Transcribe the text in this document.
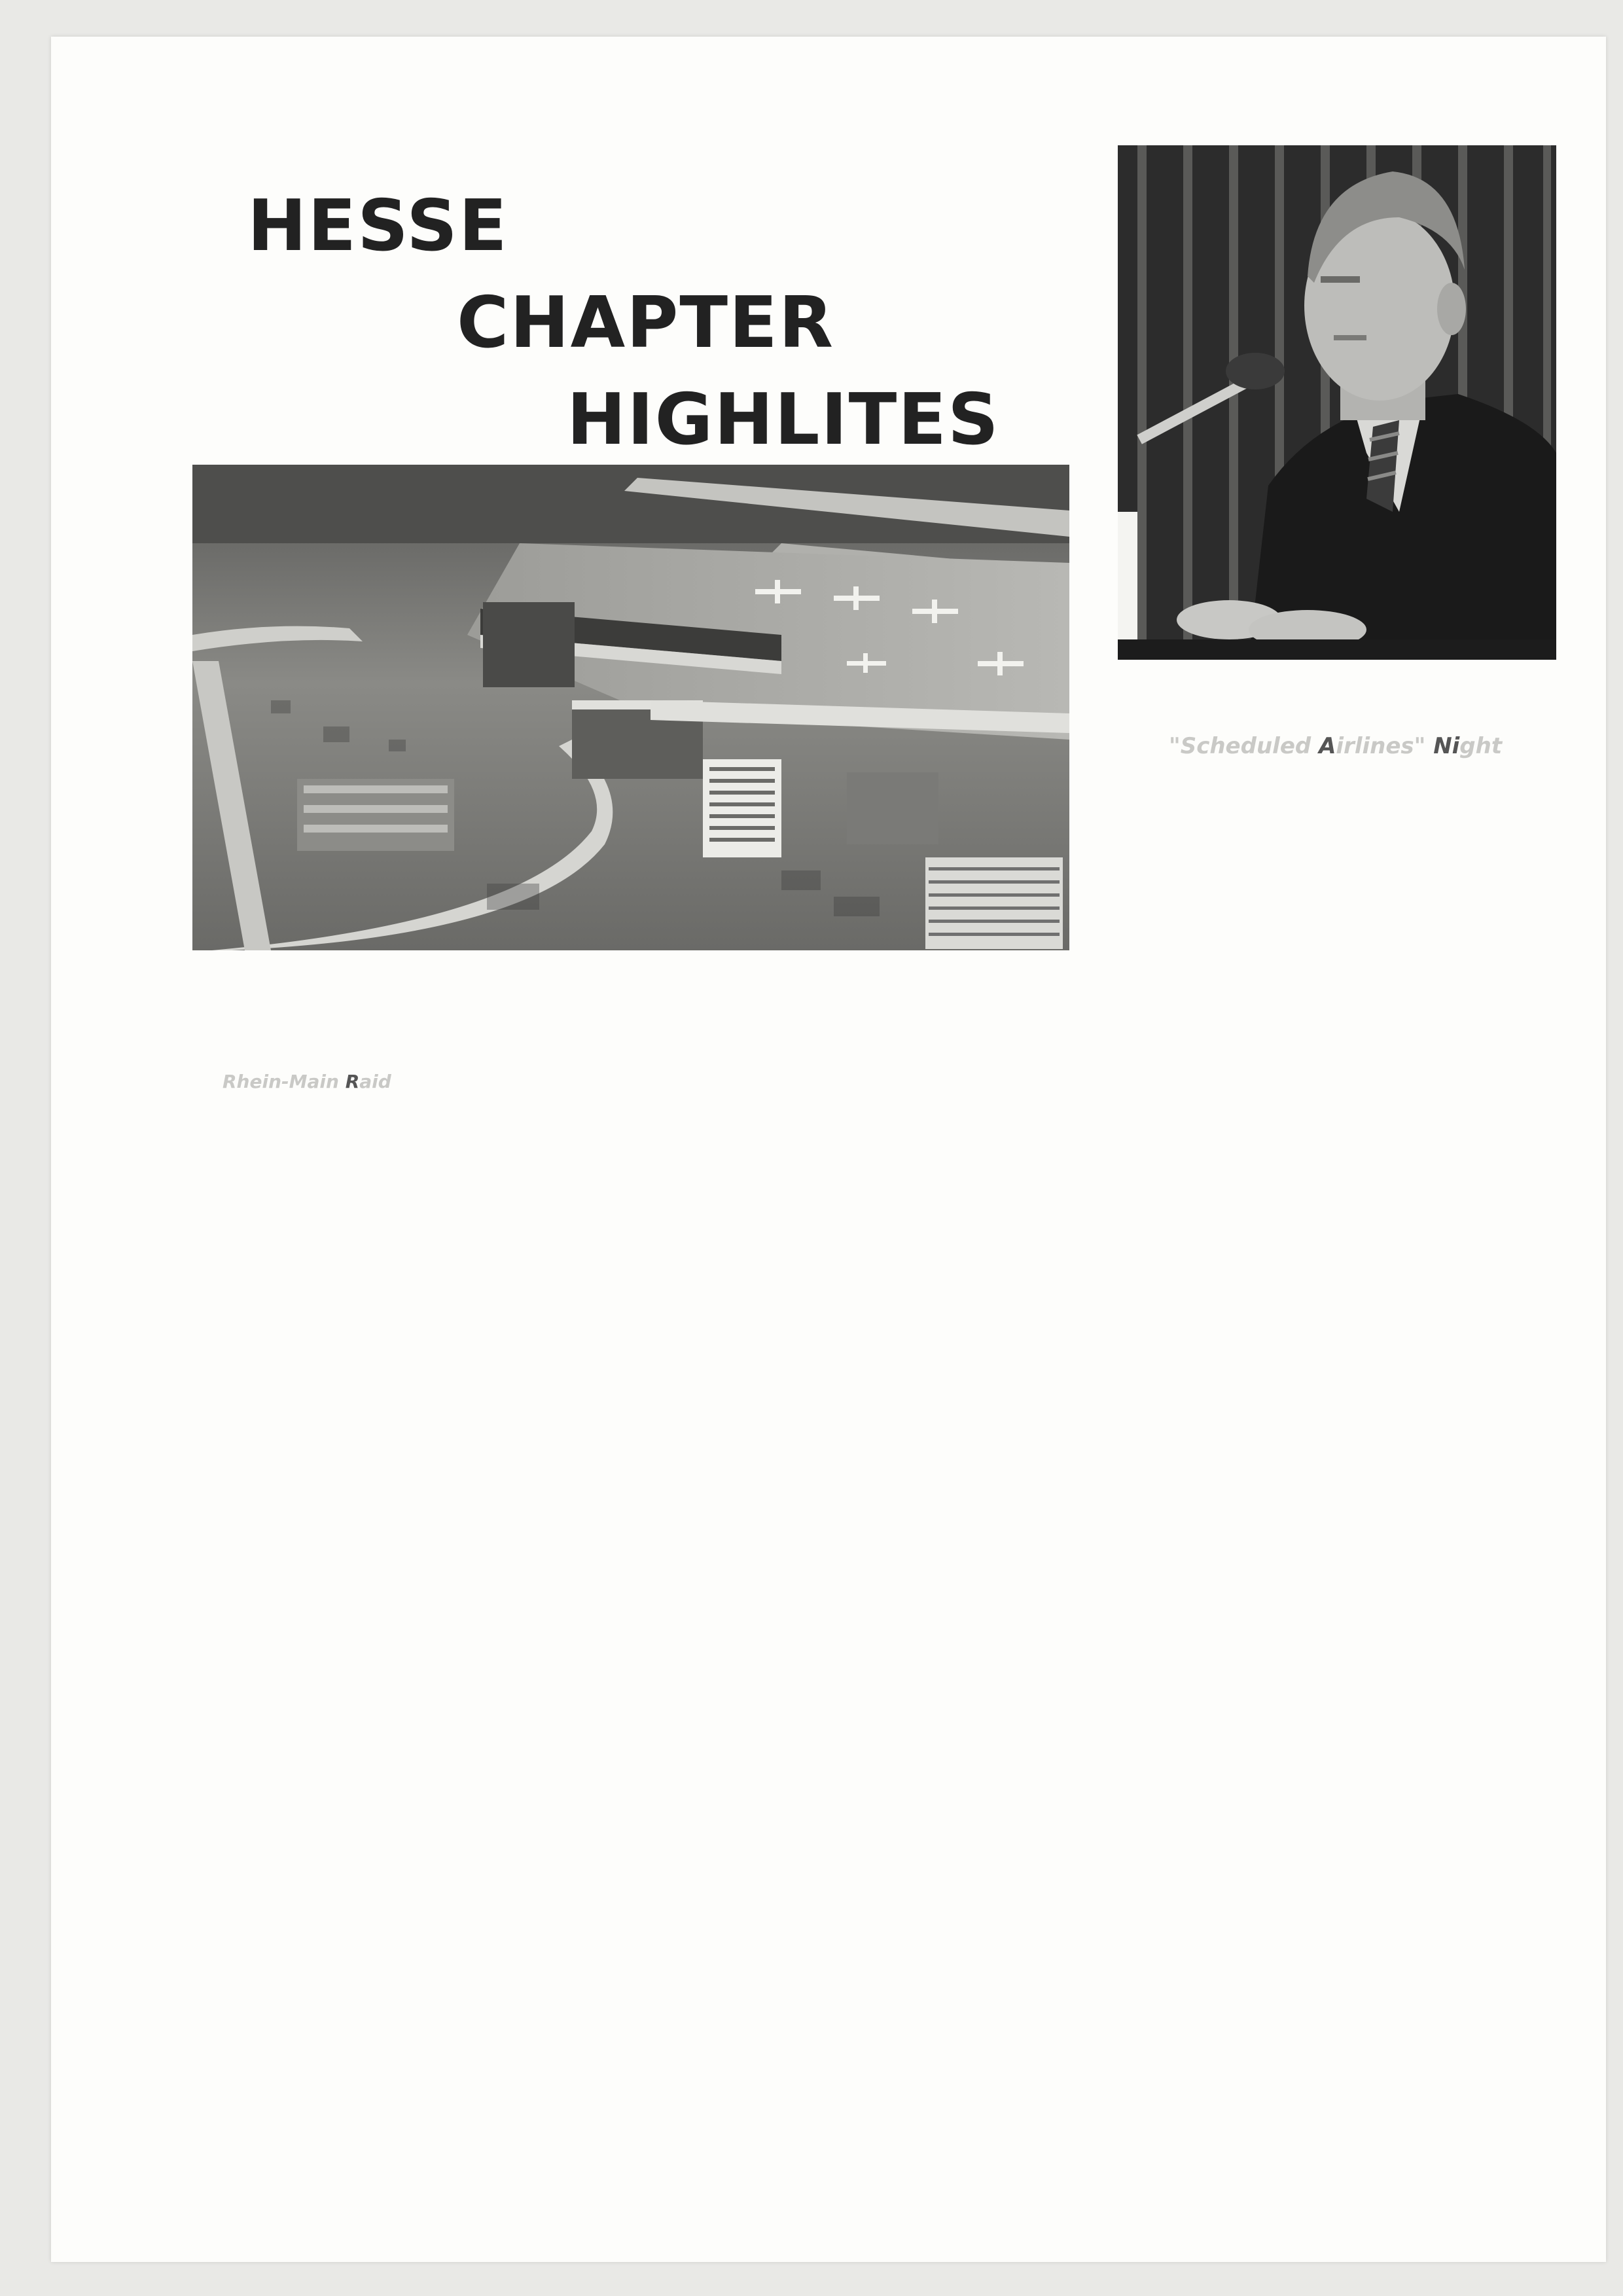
HESSE
CHAPTER
HIGHLITES

"Scheduled Airlines" Night

Rhein-Main Raid
